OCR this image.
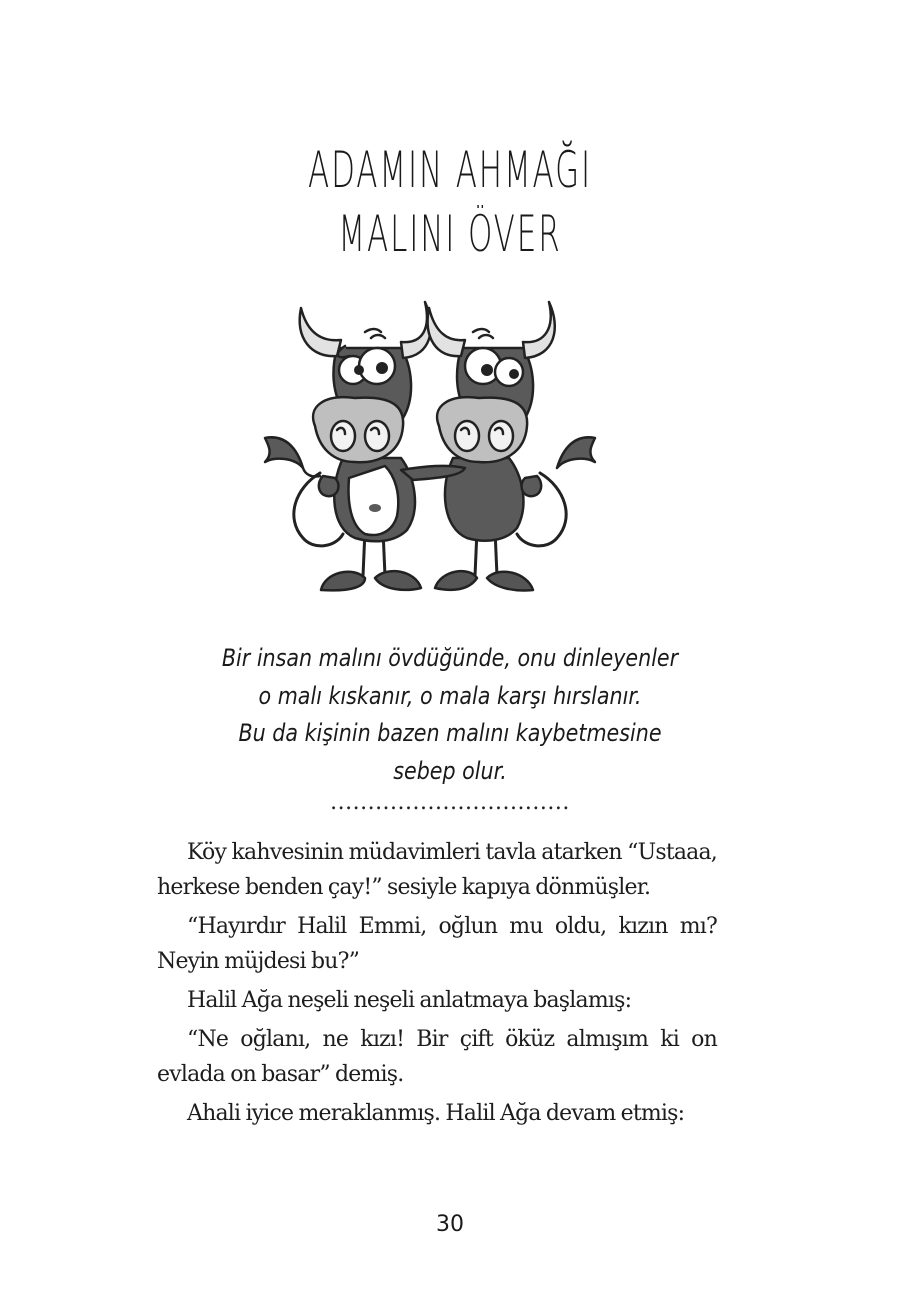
ADAMIN AHMAĞI
MALINI ÖVER
Bir insan malını övdüğünde, onu dinleyenler
o malı kıskanır, o mala karşı hırslanır.
Bu da kişinin bazen malını kaybetmesine
sebep olur.
................................

Köy kahvesinin müdavimleri tavla atarken “Ustaaa, herkese benden çay!” sesiyle kapıya dönmüşler.

“Hayırdır Halil Emmi, oğlun mu oldu, kızın mı? Neyin müjdesi bu?”

Halil Ağa neşeli neşeli anlatmaya başlamış:

“Ne oğlanı, ne kızı! Bir çift öküz almışım ki on evlada on basar” demiş.

Ahali iyice meraklanmış. Halil Ağa devam etmiş:

30
